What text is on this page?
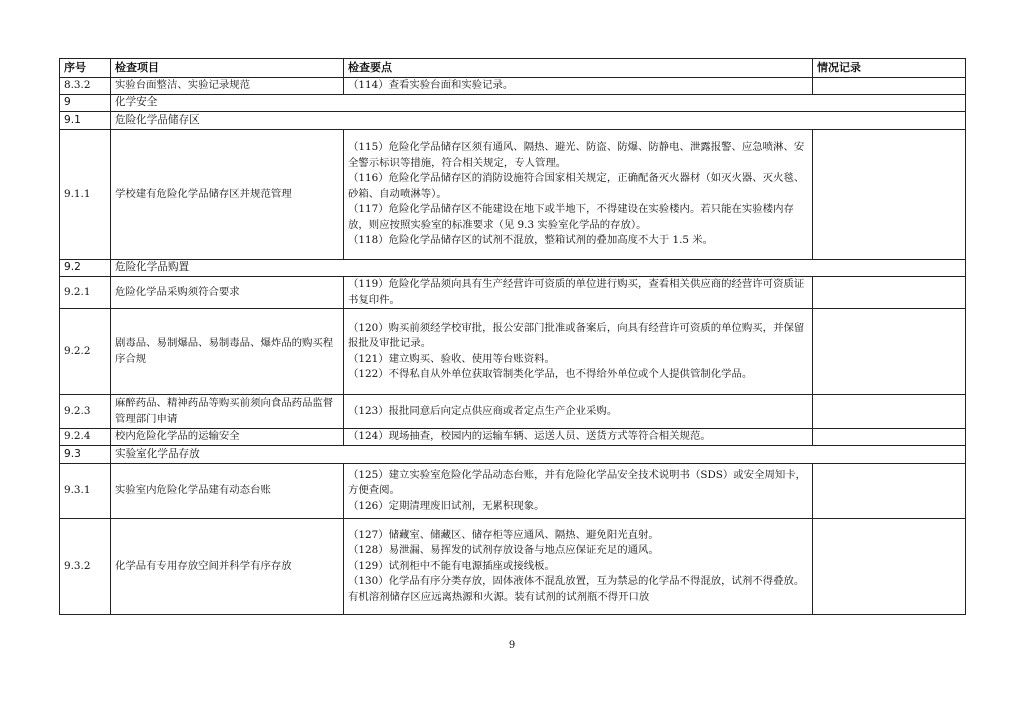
序号	检查项目	检查要点	情况记录
8.3.2	实验台面整洁、实验记录规范	（114）查看实验台面和实验记录。	

9	化学安全		
9.1	危险化学品储存区		
9.1.1	学校建有危险化学品储存区并规范管理	（115）危险化学品储存区须有通风、隔热、避光、防盗、防爆、防静电、泄露报警、应急喷淋、安全警示标识等措施，符合相关规定，专人管理。

（116）危险化学品储存区的消防设施符合国家相关规定，正确配备灭火器材（如灭火器、灭火毯、砂箱、自动喷淋等）。

（117）危险化学品储存区不能建设在地下或半地下，不得建设在实验楼内。若只能在实验楼内存放，则应按照实验室的标准要求（见 9.3 实验室化学品的存放）。

（118）危险化学品储存区的试剂不混放，整箱试剂的叠加高度不大于 1.5 米。	

9.2	危险化学品购置		
9.2.1	危险化学品采购须符合要求	（119）危险化学品须向具有生产经营许可资质的单位进行购买，查看相关供应商的经营许可资质证书复印件。	

9.2.2	剧毒品、易制爆品、易制毒品、爆炸品的购买程序合规	（120）购买前须经学校审批，报公安部门批准或备案后，向具有经营许可资质的单位购买，并保留报批及审批记录。

（121）建立购买、验收、使用等台账资料。

（122）不得私自从外单位获取管制类化学品，也不得给外单位或个人提供管制化学品。	

9.2.3	麻醉药品、精神药品等购买前须向食品药品监督管理部门申请	（123）报批同意后向定点供应商或者定点生产企业采购。	

9.2.4	校内危险化学品的运输安全	（124）现场抽查，校园内的运输车辆、运送人员、送货方式等符合相关规范。	

9.3	实验室化学品存放		
9.3.1	实验室内危险化学品建有动态台账	（125）建立实验室危险化学品动态台账，并有危险化学品安全技术说明书（SDS）或安全周知卡，方便查阅。

（126）定期清理废旧试剂，无累积现象。	

9.3.2	化学品有专用存放空间并科学有序存放	（127）储藏室、储藏区、储存柜等应通风、隔热、避免阳光直射。

（128）易泄漏、易挥发的试剂存放设备与地点应保证充足的通风。

（129）试剂柜中不能有电源插座或接线板。

（130）化学品有序分类存放，固体液体不混乱放置，互为禁忌的化学品不得混放，试剂不得叠放。有机溶剂储存区应远离热源和火源。装有试剂的试剂瓶不得开口放	

9
